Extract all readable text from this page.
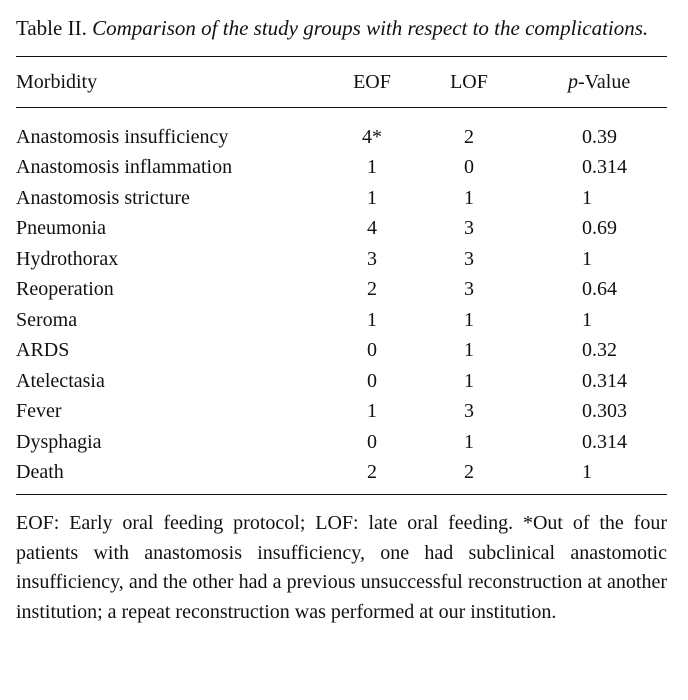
Table II. Comparison of the study groups with respect to the complications.

Morbidity	EOF	LOF	p-Value
Anastomosis insufficiency	4*	2	0.39
Anastomosis inflammation	1	0	0.314
Anastomosis stricture	1	1	1
Pneumonia	4	3	0.69
Hydrothorax	3	3	1
Reoperation	2	3	0.64
Seroma	1	1	1
ARDS	0	1	0.32
Atelectasia	0	1	0.314
Fever	1	3	0.303
Dysphagia	0	1	0.314
Death	2	2	1

EOF: Early oral feeding protocol; LOF: late oral feeding. *Out of the four patients with anastomosis insufficiency, one had subclinical anastomotic insufficiency, and the other had a previous unsuccessful reconstruction at another institution; a repeat reconstruction was performed at our institution.
